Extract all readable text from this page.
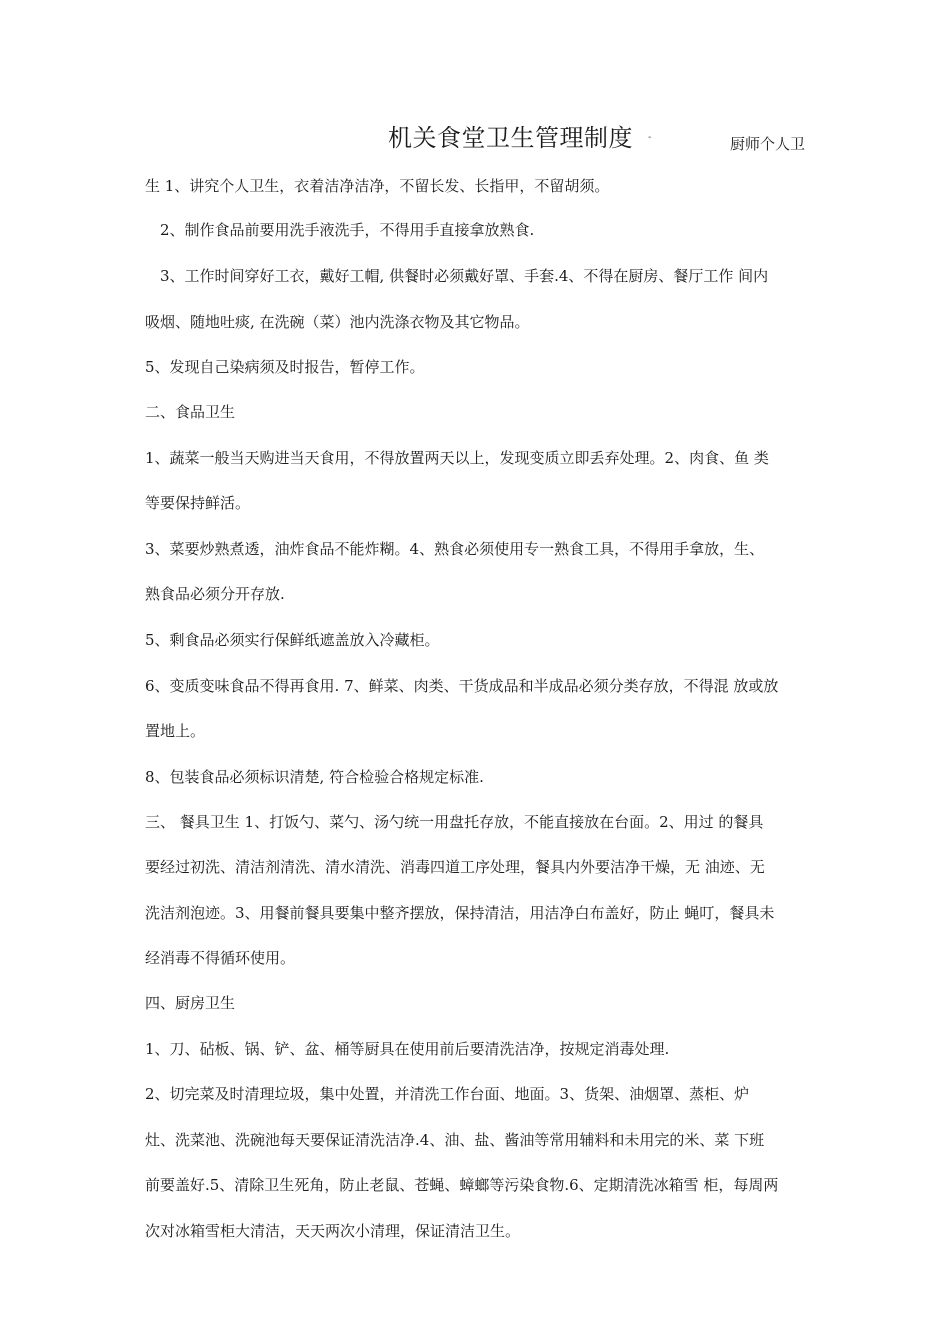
机关食堂卫生管理制度 -	厨师个人卫
生 1、讲究个人卫生，衣着洁净洁净，不留长发、长指甲，不留胡须。
2、制作食品前要用洗手液洗手，不得用手直接拿放熟食.
3、工作时间穿好工衣，戴好工帽, 供餐时必须戴好罩、手套.4、不得在厨房、餐厅工作 间内
吸烟、随地吐痰, 在洗碗（菜）池内洗涤衣物及其它物品。
5、发现自己染病须及时报告，暂停工作。
二、食品卫生
1、蔬菜一般当天购进当天食用，不得放置两天以上，发现变质立即丢弃处理。2、肉食、鱼 类
等要保持鲜活。
3、菜要炒熟煮透，油炸食品不能炸糊。4、熟食必须使用专一熟食工具，不得用手拿放，生、
熟食品必须分开存放.
5、剩食品必须实行保鲜纸遮盖放入冷藏柜。
6、变质变味食品不得再食用. 7、鲜菜、肉类、干货成品和半成品必须分类存放，不得混 放或放
置地上。
8、包装食品必须标识清楚, 符合检验合格规定标准.
三、 餐具卫生 1、打饭勺、菜勺、汤勺统一用盘托存放，不能直接放在台面。2、用过 的餐具
要经过初洗、清洁剂清洗、清水清洗、消毒四道工序处理，餐具内外要洁净干燥，无 油迹、无
洗洁剂泡迹。3、用餐前餐具要集中整齐摆放，保持清洁，用洁净白布盖好，防止 蝇叮，餐具未
经消毒不得循环使用。
四、厨房卫生
1、刀、砧板、锅、铲、盆、桶等厨具在使用前后要清洗洁净，按规定消毒处理.
2、切完菜及时清理垃圾，集中处置，并清洗工作台面、地面。3、货架、油烟罩、蒸柜、炉
灶、洗菜池、洗碗池每天要保证清洗洁净.4、油、盐、酱油等常用辅料和未用完的米、菜 下班
前要盖好.5、清除卫生死角，防止老鼠、苍蝇、蟑螂等污染食物.6、定期清洗冰箱雪 柜，每周两
次对冰箱雪柜大清洁，天天两次小清理，保证清洁卫生。
